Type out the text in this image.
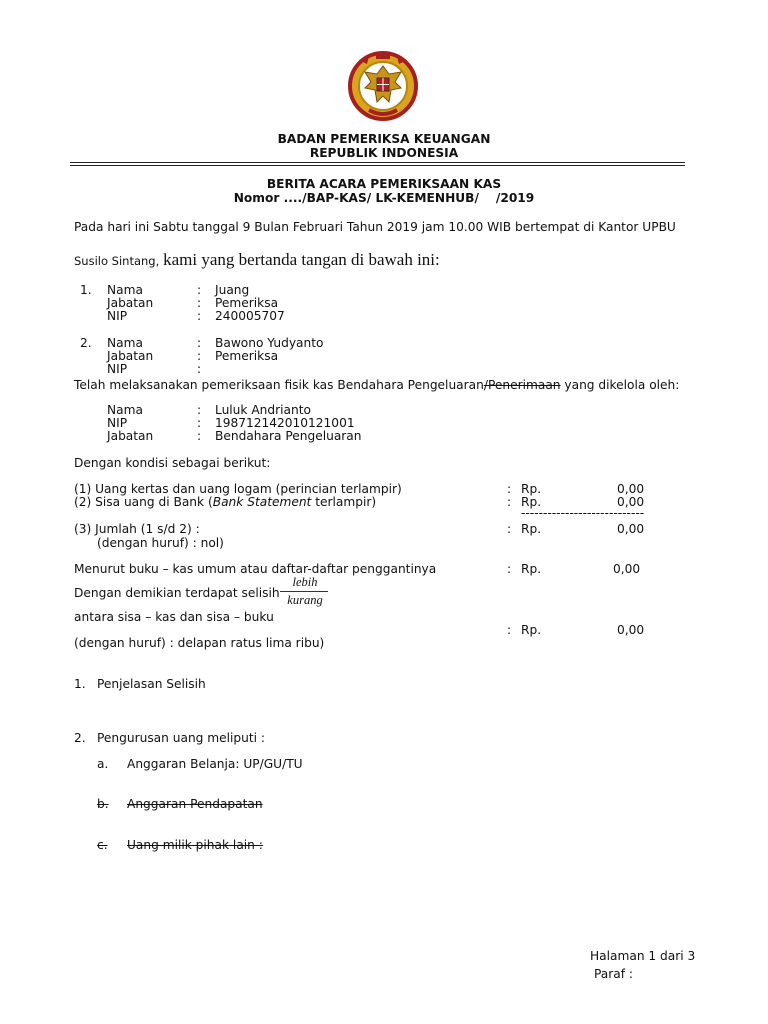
BADAN PEMERIKSA KEUANGAN
REPUBLIK INDONESIA
BERITA ACARA PEMERIKSAAN KAS
Nomor ..../BAP-KAS/ LK-KEMENHUB/    /2019
Pada hari ini Sabtu tanggal 9 Bulan Februari Tahun 2019 jam 10.00 WIB bertempat di Kantor UPBU
Susilo Sintang, kami yang bertanda tangan di bawah ini:
1. Nama	: Juang
Jabatan	: Pemeriksa
NIP	: 240005707
2. Nama	: Bawono Yudyanto
Jabatan	: Pemeriksa
NIP	:
Telah melaksanakan pemeriksaan fisik kas Bendahara Pengeluaran/Penerimaan yang dikelola oleh:
Nama	: Luluk Andrianto
NIP	: 198712142010121001
Jabatan	: Bendahara Pengeluaran
Dengan kondisi sebagai berikut:
(1) Uang kertas dan uang logam (perincian terlampir)	: Rp.	0,00
(2) Sisa uang di Bank (Bank Statement terlampir)	: Rp.	0,00
----------------------------
(3) Jumlah (1 s/d 2) :	: Rp.	0,00
(dengan huruf) : nol)
Menurut buku – kas umum atau daftar-daftar penggantinya	: Rp.	0,00
Dengan demikian terdapat selisih
lebih
kurang
antara sisa – kas dan sisa – buku
: Rp.	0,00
(dengan huruf) : delapan ratus lima ribu)
1. Penjelasan Selisih
2. Pengurusan uang meliputi :
a. Anggaran Belanja: UP/GU/TU
b. Anggaran Pendapatan
c. Uang milik pihak lain :
Halaman 1 dari 3
Paraf :
